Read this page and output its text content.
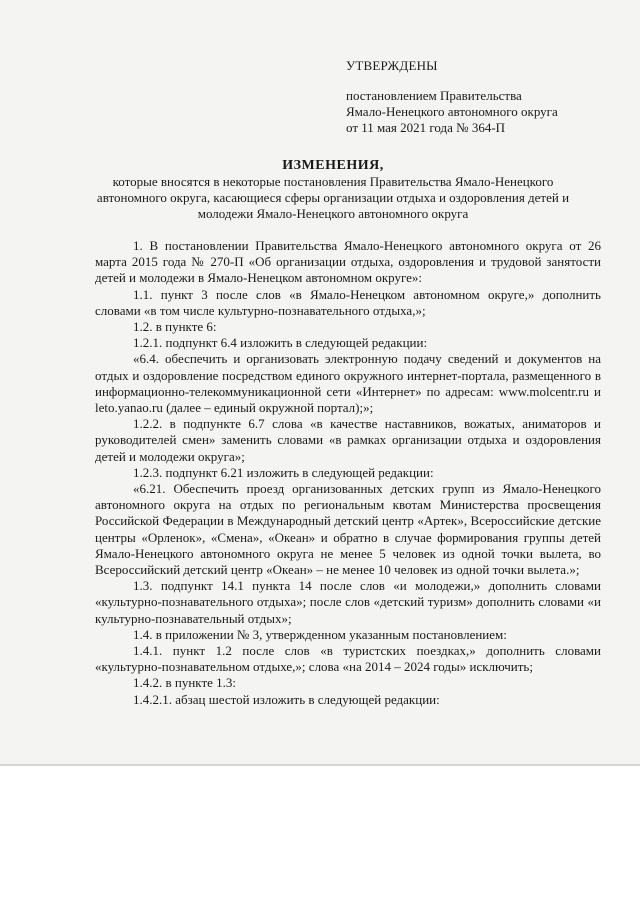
УТВЕРЖДЕНЫ
постановлением Правительства
Ямало-Ненецкого автономного округа
от 11 мая 2021 года № 364-П
ИЗМЕНЕНИЯ,
которые вносятся в некоторые постановления Правительства Ямало-Ненецкого автономного округа, касающиеся сферы организации отдыха и оздоровления детей и молодежи Ямало-Ненецкого автономного округа

1. В постановлении Правительства Ямало-Ненецкого автономного округа от 26 марта 2015 года № 270-П «Об организации отдыха, оздоровления и трудовой занятости детей и молодежи в Ямало-Ненецком автономном округе»:

1.1. пункт 3 после слов «в Ямало-Ненецком автономном округе,» дополнить словами «в том числе культурно-познавательного отдыха,»;

1.2. в пункте 6:

1.2.1. подпункт 6.4 изложить в следующей редакции:

«6.4. обеспечить и организовать электронную подачу сведений и документов на отдых и оздоровление посредством единого окружного интернет-портала, размещенного в информационно-телекоммуникационной сети «Интернет» по адресам: www.molcentr.ru и leto.yanao.ru (далее – единый окружной портал);»;

1.2.2. в подпункте 6.7 слова «в качестве наставников, вожатых, аниматоров и руководителей смен» заменить словами «в рамках организации отдыха и оздоровления детей и молодежи округа»;

1.2.3. подпункт 6.21 изложить в следующей редакции:

«6.21. Обеспечить проезд организованных детских групп из Ямало-Ненецкого автономного округа на отдых по региональным квотам Министерства просвещения Российской Федерации в Международный детский центр «Артек», Всероссийские детские центры «Орленок», «Смена», «Океан» и обратно в случае формирования группы детей Ямало-Ненецкого автономного округа не менее 5 человек из одной точки вылета, во Всероссийский детский центр «Океан» – не менее 10 человек из одной точки вылета.»;

1.3. подпункт 14.1 пункта 14 после слов «и молодежи,» дополнить словами «культурно-познавательного отдыха»; после слов «детский туризм» дополнить словами «и культурно-познавательный отдых»;

1.4. в приложении № 3, утвержденном указанным постановлением:

1.4.1. пункт 1.2 после слов «в туристских поездках,» дополнить словами «культурно-познавательном отдыхе,»; слова «на 2014 – 2024 годы» исключить;

1.4.2. в пункте 1.3:

1.4.2.1. абзац шестой изложить в следующей редакции:
